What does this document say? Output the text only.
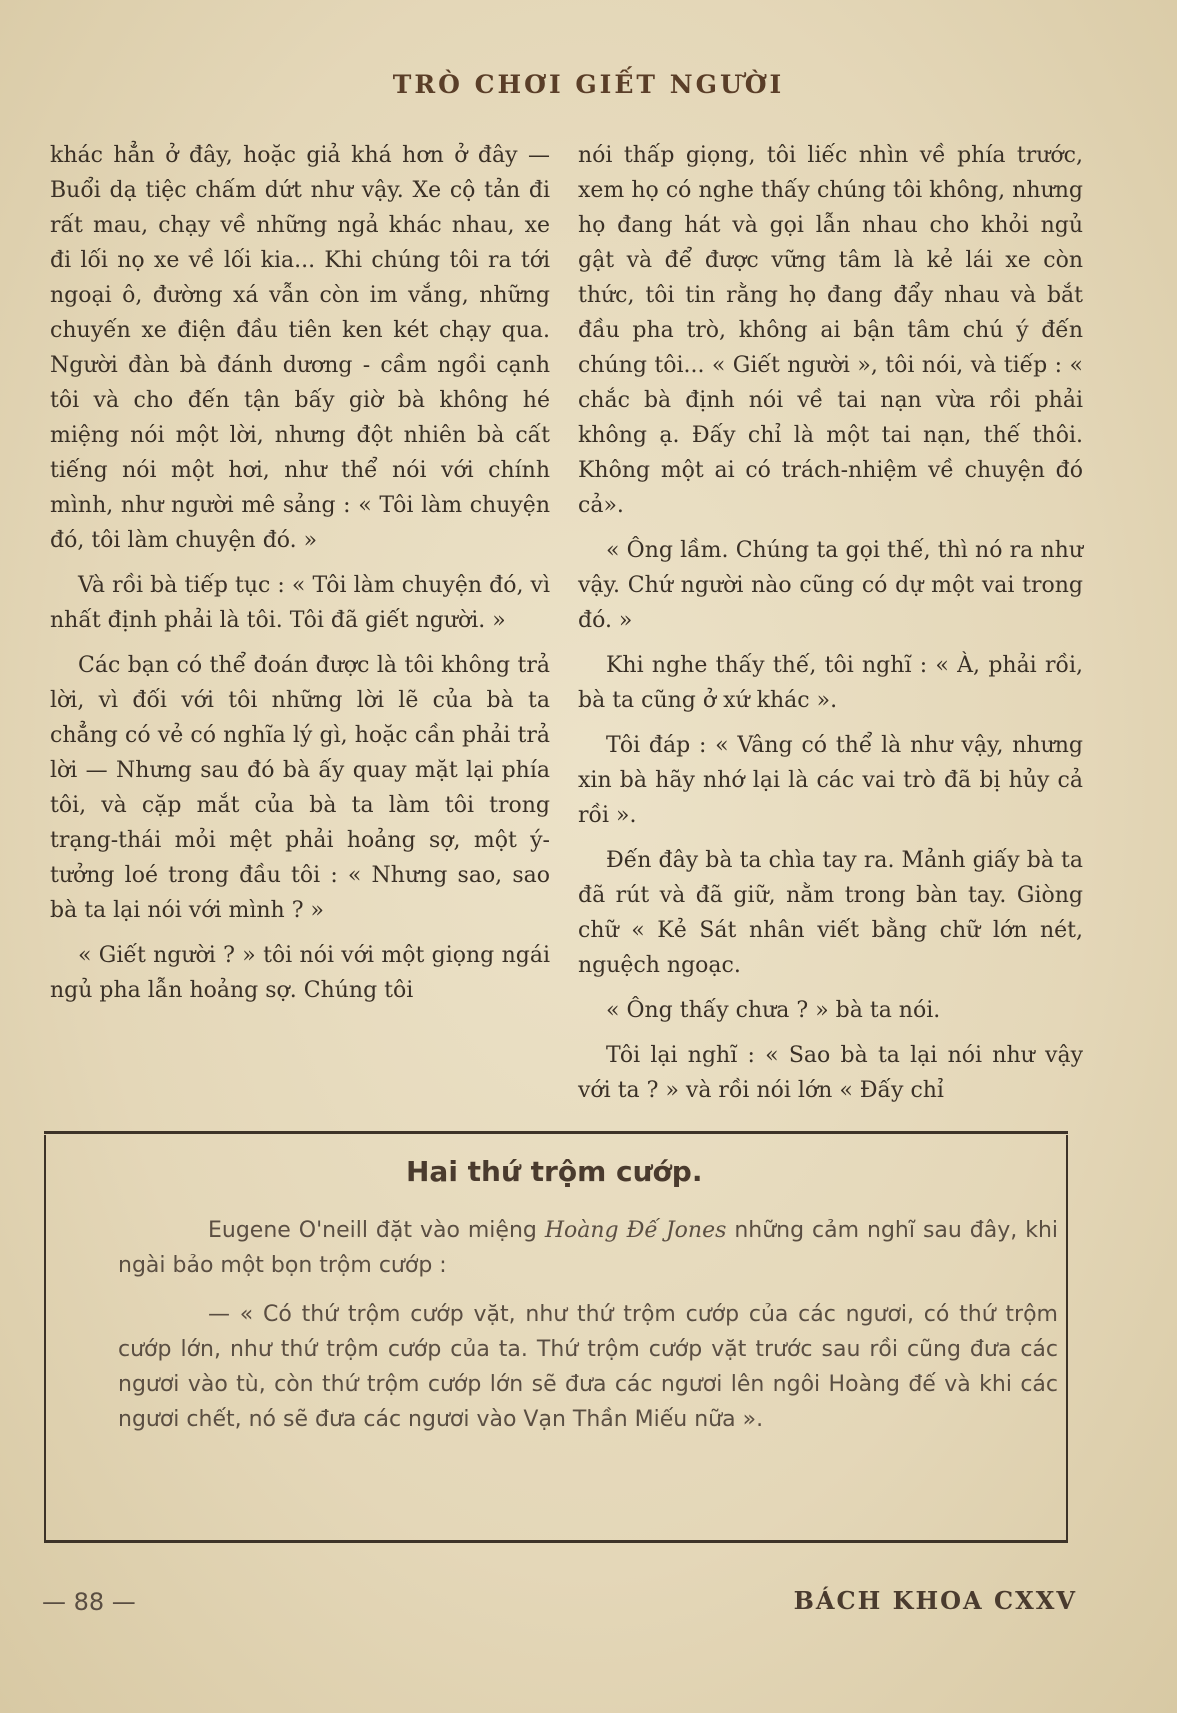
TRÒ CHƠI GIẾT NGƯỜI

khác hẳn ở đây, hoặc giả khá hơn ở đây — Buổi dạ tiệc chấm dứt như vậy. Xe cộ tản đi rất mau, chạy về những ngả khác nhau, xe đi lối nọ xe về lối kia... Khi chúng tôi ra tới ngoại ô, đường xá vẫn còn im vắng, những chuyến xe điện đầu tiên ken két chạy qua. Người đàn bà đánh dương - cầm ngồi cạnh tôi và cho đến tận bấy giờ bà không hé miệng nói một lời, nhưng đột nhiên bà cất tiếng nói một hơi, như thể nói với chính mình, như người mê sảng : « Tôi làm chuyện đó, tôi làm chuyện đó. »

Và rồi bà tiếp tục : « Tôi làm chuyện đó, vì nhất định phải là tôi. Tôi đã giết người. »

Các bạn có thể đoán được là tôi không trả lời, vì đối với tôi những lời lẽ của bà ta chẳng có vẻ có nghĩa lý gì, hoặc cần phải trả lời — Nhưng sau đó bà ấy quay mặt lại phía tôi, và cặp mắt của bà ta làm tôi trong trạng-thái mỏi mệt phải hoảng sợ, một ý-tưởng loé trong đầu tôi : « Nhưng sao, sao bà ta lại nói với mình ? »

« Giết người ? » tôi nói với một giọng ngái ngủ pha lẫn hoảng sợ. Chúng tôi

nói thấp giọng, tôi liếc nhìn về phía trước, xem họ có nghe thấy chúng tôi không, nhưng họ đang hát và gọi lẫn nhau cho khỏi ngủ gật và để được vững tâm là kẻ lái xe còn thức, tôi tin rằng họ đang đẩy nhau và bắt đầu pha trò, không ai bận tâm chú ý đến chúng tôi... « Giết người », tôi nói, và tiếp : « chắc bà định nói về tai nạn vừa rồi phải không ạ. Đấy chỉ là một tai nạn, thế thôi. Không một ai có trách-nhiệm về chuyện đó cả».

« Ông lầm. Chúng ta gọi thế, thì nó ra như vậy. Chứ người nào cũng có dự một vai trong đó. »

Khi nghe thấy thế, tôi nghĩ : « À, phải rồi, bà ta cũng ở xứ khác ».

Tôi đáp : « Vâng có thể là như vậy, nhưng xin bà hãy nhớ lại là các vai trò đã bị hủy cả rồi ».

Đến đây bà ta chìa tay ra. Mảnh giấy bà ta đã rút và đã giữ, nằm trong bàn tay. Giòng chữ « Kẻ Sát nhân viết bằng chữ lớn nét, nguệch ngoạc.

« Ông thấy chưa ? » bà ta nói.

Tôi lại nghĩ : « Sao bà ta lại nói như vậy với ta ? » và rồi nói lớn « Đấy chỉ

Hai thứ trộm cướp.

Eugene O'neill đặt vào miệng Hoàng Đế Jones những cảm nghĩ sau đây, khi ngài bảo một bọn trộm cướp :

— « Có thứ trộm cướp vặt, như thứ trộm cướp của các ngươi, có thứ trộm cướp lớn, như thứ trộm cướp của ta. Thứ trộm cướp vặt trước sau rồi cũng đưa các ngươi vào tù, còn thứ trộm cướp lớn sẽ đưa các ngươi lên ngôi Hoàng đế và khi các ngươi chết, nó sẽ đưa các ngươi vào Vạn Thần Miếu nữa ».

— 88 —	BÁCH KHOA CXXV
